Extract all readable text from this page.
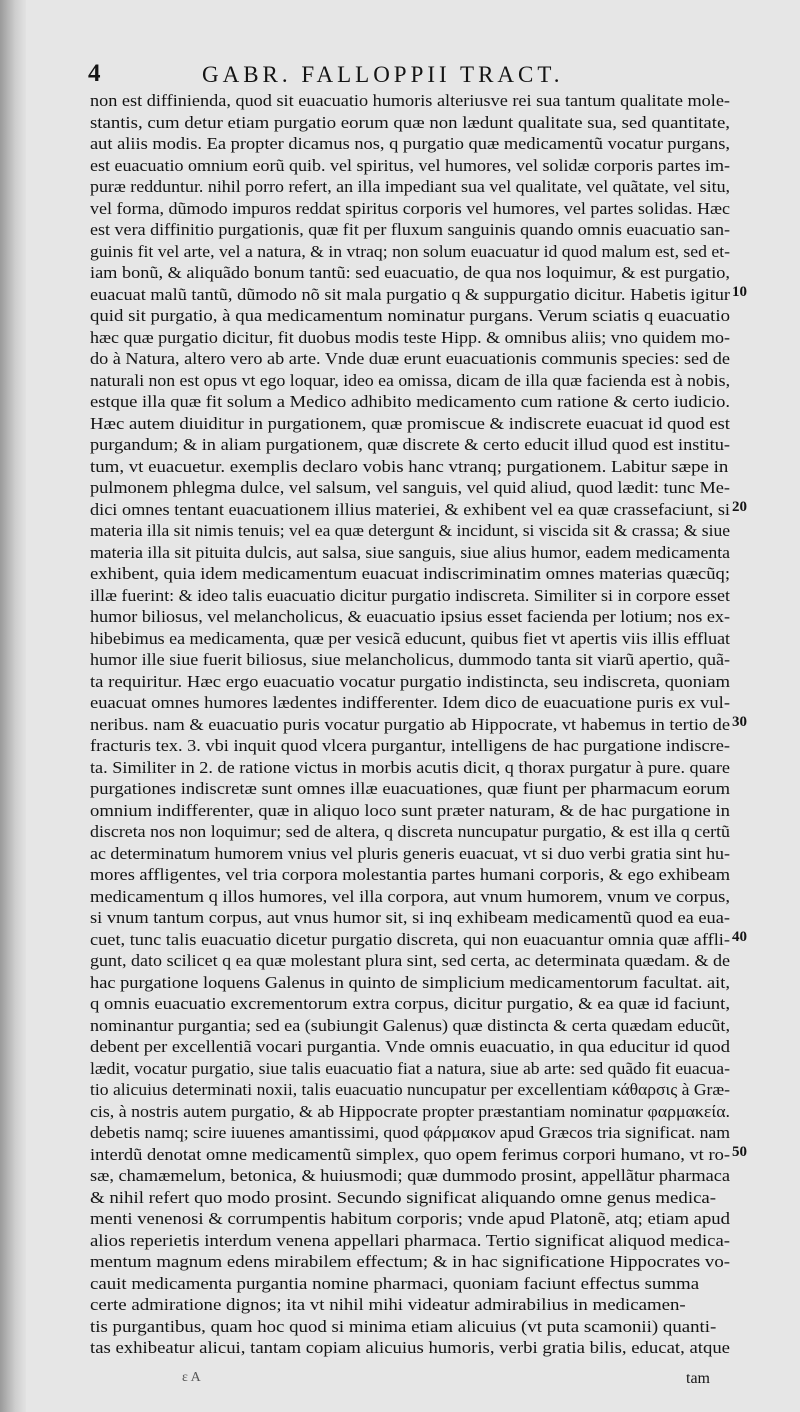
4	GABR. FALLOPPII TRACT.
non est diffinienda, quod sit euacuatio humoris alteriusve rei sua tantum qualitate mole-
stantis, cum detur etiam purgatio eorum quæ non lædunt qualitate sua, sed quantitate,
aut aliis modis. Ea propter dicamus nos, q purgatio quæ medicamentũ vocatur purgans,
est euacuatio omnium eorũ quib. vel spiritus, vel humores, vel solidæ corporis partes im-
puræ redduntur. nihil porro refert, an illa impediant sua vel qualitate, vel quãtate, vel situ,
vel forma, dũmodo impuros reddat spiritus corporis vel humores, vel partes solidas. Hæc
est vera diffinitio purgationis, quæ fit per fluxum sanguinis quando omnis euacuatio san-
guinis fit vel arte, vel a natura, & in vtraq; non solum euacuatur id quod malum est, sed et-
iam bonũ, & aliquãdo bonum tantũ: sed euacuatio, de qua nos loquimur, & est purgatio,
euacuat malũ tantũ, dũmodo nõ sit mala purgatio q & suppurgatio dicitur. Habetis igitur
quid sit purgatio, à qua medicamentum nominatur purgans. Verum sciatis q euacuatio
hæc quæ purgatio dicitur, fit duobus modis teste Hipp. & omnibus aliis; vno quidem mo-
do à Natura, altero vero ab arte. Vnde duæ erunt euacuationis communis species: sed de
naturali non est opus vt ego loquar, ideo ea omissa, dicam de illa quæ facienda est à nobis,
estque illa quæ fit solum a Medico adhibito medicamento cum ratione & certo iudicio.
Hæc autem diuiditur in purgationem, quæ promiscue & indiscrete euacuat id quod est
purgandum; & in aliam purgationem, quæ discrete & certo educit illud quod est institu-
tum, vt euacuetur. exemplis declaro vobis hanc vtranq; purgationem. Labitur sæpe in
pulmonem phlegma dulce, vel salsum, vel sanguis, vel quid aliud, quod lædit: tunc Me-
dici omnes tentant euacuationem illius materiei, & exhibent vel ea quæ crassefaciunt, si
materia illa sit nimis tenuis; vel ea quæ detergunt & incidunt, si viscida sit & crassa; & siue
materia illa sit pituita dulcis, aut salsa, siue sanguis, siue alius humor, eadem medicamenta
exhibent, quia idem medicamentum euacuat indiscriminatim omnes materias quæcũq;
illæ fuerint: & ideo talis euacuatio dicitur purgatio indiscreta. Similiter si in corpore esset
humor biliosus, vel melancholicus, & euacuatio ipsius esset facienda per lotium; nos ex-
hibebimus ea medicamenta, quæ per vesicã educunt, quibus fiet vt apertis viis illis effluat
humor ille siue fuerit biliosus, siue melancholicus, dummodo tanta sit viarũ apertio, quã-
ta requiritur. Hæc ergo euacuatio vocatur purgatio indistincta, seu indiscreta, quoniam
euacuat omnes humores lædentes indifferenter. Idem dico de euacuatione puris ex vul-
neribus. nam & euacuatio puris vocatur purgatio ab Hippocrate, vt habemus in tertio de
fracturis tex. 3. vbi inquit quod vlcera purgantur, intelligens de hac purgatione indiscre-
ta. Similiter in 2. de ratione victus in morbis acutis dicit, q thorax purgatur à pure. quare
purgationes indiscretæ sunt omnes illæ euacuationes, quæ fiunt per pharmacum eorum
omnium indifferenter, quæ in aliquo loco sunt præter naturam, & de hac purgatione in
discreta nos non loquimur; sed de altera, q discreta nuncupatur purgatio, & est illa q certũ
ac determinatum humorem vnius vel pluris generis euacuat, vt si duo verbi gratia sint hu-
mores affligentes, vel tria corpora molestantia partes humani corporis, & ego exhibeam
medicamentum q illos humores, vel illa corpora, aut vnum humorem, vnum ve corpus,
si vnum tantum corpus, aut vnus humor sit, si inq exhibeam medicamentũ quod ea eua-
cuet, tunc talis euacuatio dicetur purgatio discreta, qui non euacuantur omnia quæ affli-
gunt, dato scilicet q ea quæ molestant plura sint, sed certa, ac determinata quædam. & de
hac purgatione loquens Galenus in quinto de simplicium medicamentorum facultat. ait,
q omnis euacuatio excrementorum extra corpus, dicitur purgatio, & ea quæ id faciunt,
nominantur purgantia; sed ea (subiungit Galenus) quæ distincta & certa quædam educũt,
debent per excellentiã vocari purgantia. Vnde omnis euacuatio, in qua educitur id quod
lædit, vocatur purgatio, siue talis euacuatio fiat a natura, siue ab arte: sed quãdo fit euacua-
tio alicuius determinati noxii, talis euacuatio nuncupatur per excellentiam κάθαρσις à Græ-
cis, à nostris autem purgatio, & ab Hippocrate propter præstantiam nominatur φαρμακεία.
debetis namq; scire iuuenes amantissimi, quod φάρμακον apud Græcos tria significat. nam
interdũ denotat omne medicamentũ simplex, quo opem ferimus corpori humano, vt ro-
sæ, chamæmelum, betonica, & huiusmodi; quæ dummodo prosint, appellãtur pharmaca
& nihil refert quo modo prosint. Secundo significat aliquando omne genus medica-
menti venenosi & corrumpentis habitum corporis; vnde apud Platonẽ, atq; etiam apud
alios reperietis interdum venena appellari pharmaca. Tertio significat aliquod medica-
mentum magnum edens mirabilem effectum; & in hac significatione Hippocrates vo-
cauit medicamenta purgantia nomine pharmaci, quoniam faciunt effectus summa
certe admiratione dignos; ita vt nihil mihi videatur admirabilius in medicamen-
tis purgantibus, quam hoc quod si minima etiam alicuius (vt puta scamonii) quanti-
tas exhibeatur alicui, tantam copiam alicuius humoris, verbi gratia bilis, educat, atque
10
20
30
40
50
ɛ A	tam
